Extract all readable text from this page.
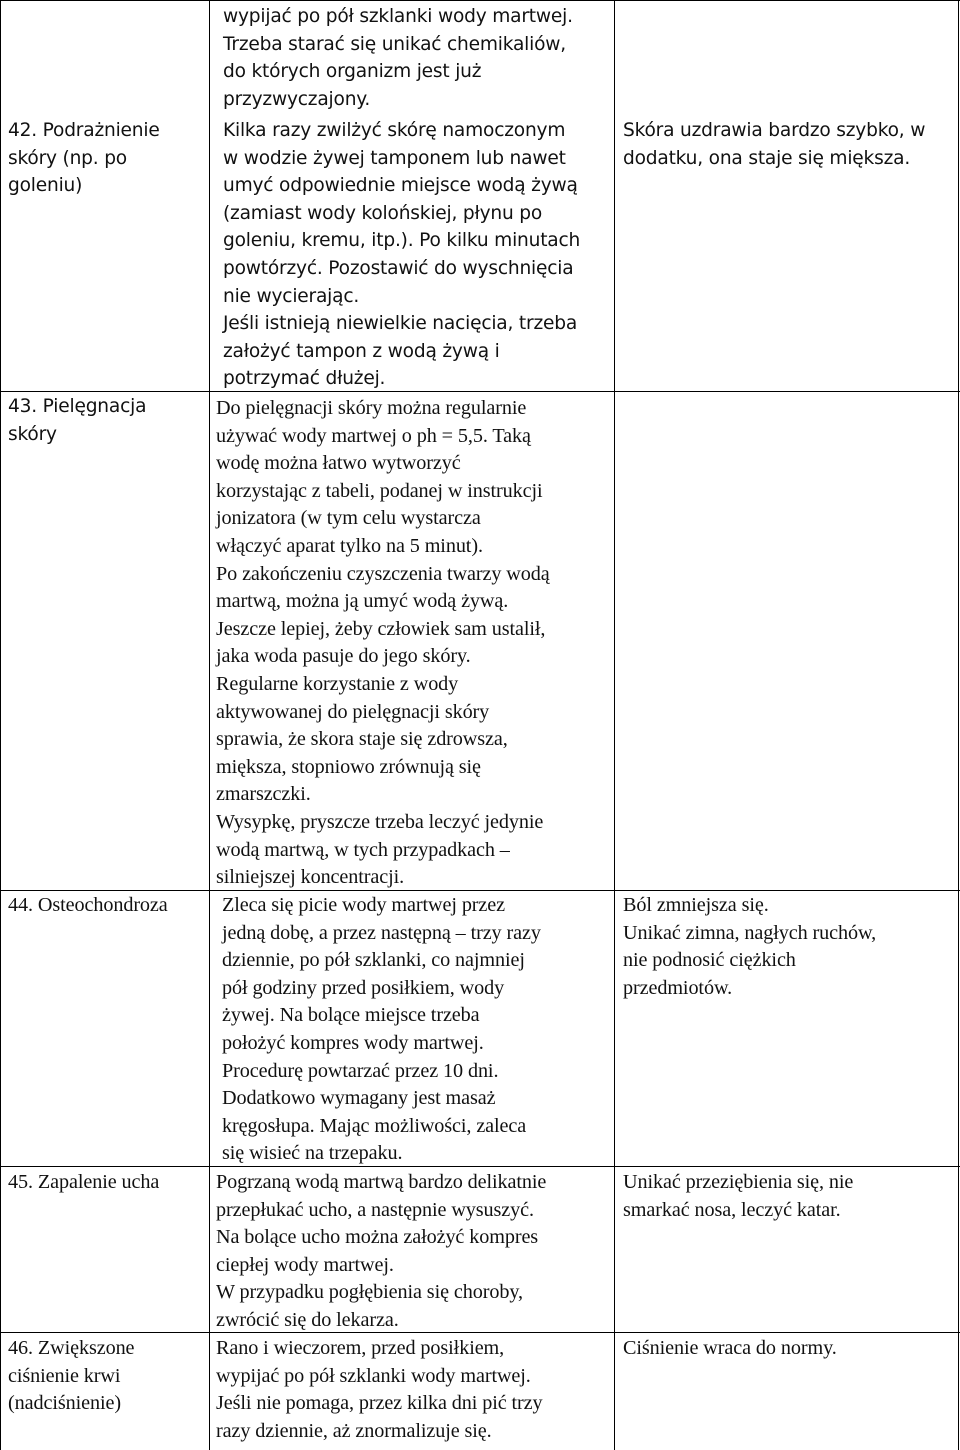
wypijać po pół szklanki wody martwej.
Trzeba starać się unikać chemikaliów,
do których organizm jest już
przyzwyczajony.
42. Podrażnienie
skóry (np. po
goleniu)
Kilka razy zwilżyć skórę namoczonym
w wodzie żywej tamponem lub nawet
umyć odpowiednie miejsce wodą żywą
(zamiast wody kolońskiej, płynu po
goleniu, kremu, itp.). Po kilku minutach
powtórzyć. Pozostawić do wyschnięcia
nie wycierając.
Jeśli istnieją niewielkie nacięcia, trzeba
założyć tampon z wodą żywą i
potrzymać dłużej.
Skóra uzdrawia bardzo szybko, w
dodatku, ona staje się miększa.
43. Pielęgnacja
skóry
Do pielęgnacji skóry można regularnie
używać wody martwej o ph = 5,5. Taką
wodę można łatwo wytworzyć
korzystając z tabeli, podanej w instrukcji
jonizatora (w tym celu wystarcza
włączyć aparat tylko na 5 minut).
Po zakończeniu czyszczenia twarzy wodą
martwą, można ją umyć wodą żywą.
Jeszcze lepiej, żeby człowiek sam ustalił,
jaka woda pasuje do jego skóry.
Regularne korzystanie z wody
aktywowanej do pielęgnacji skóry
sprawia, że skora staje się zdrowsza,
miększa, stopniowo zrównują się
zmarszczki.
Wysypkę, pryszcze trzeba leczyć jedynie
wodą martwą, w tych przypadkach –
silniejszej koncentracji.
44. Osteochondroza	Zleca się picie wody martwej przez
jedną dobę, a przez następną – trzy razy
dziennie, po pół szklanki, co najmniej
pół godziny przed posiłkiem, wody
żywej. Na bolące miejsce trzeba
położyć kompres wody martwej.
Procedurę powtarzać przez 10 dni.
Dodatkowo wymagany jest masaż
kręgosłupa. Mając możliwości, zaleca
się wisieć na trzepaku.
Ból zmniejsza się.
Unikać zimna, nagłych ruchów,
nie podnosić ciężkich
przedmiotów.
45. Zapalenie ucha	Pogrzaną wodą martwą bardzo delikatnie
przepłukać ucho, a następnie wysuszyć.
Na bolące ucho można założyć kompres
ciepłej wody martwej.
W przypadku pogłębienia się choroby,
zwrócić się do lekarza.
Unikać przeziębienia się, nie
smarkać nosa, leczyć katar.
46. Zwiększone
ciśnienie krwi
(nadciśnienie)
Rano i wieczorem, przed posiłkiem,
wypijać po pół szklanki wody martwej.
Jeśli nie pomaga, przez kilka dni pić trzy
razy dziennie, aż znormalizuje się.
Ciśnienie wraca do normy.
